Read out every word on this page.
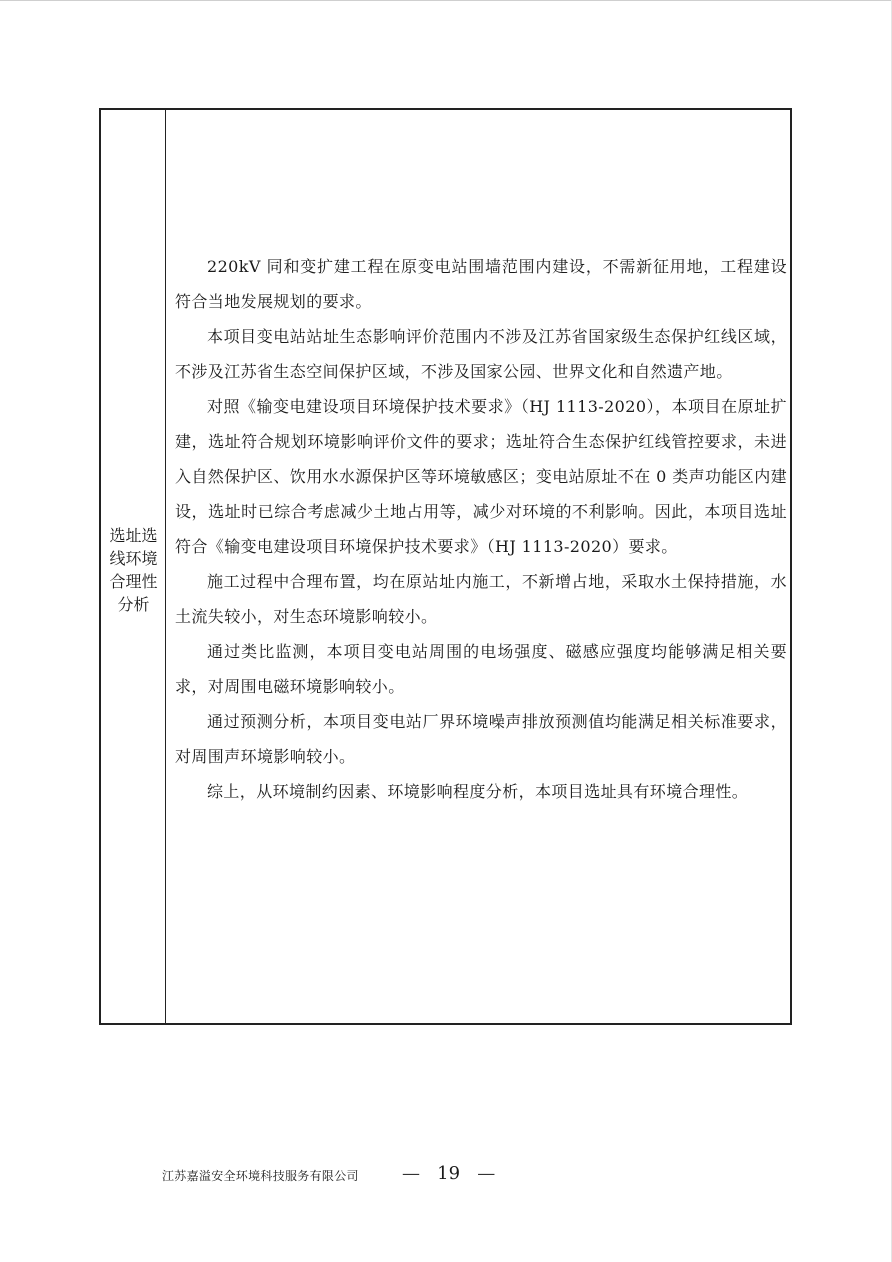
选址选线环境合理性分析

220kV 同和变扩建工程在原变电站围墙范围内建设，不需新征用地，工程建设符合当地发展规划的要求。

本项目变电站站址生态影响评价范围内不涉及江苏省国家级生态保护红线区域，不涉及江苏省生态空间保护区域，不涉及国家公园、世界文化和自然遗产地。

对照《输变电建设项目环境保护技术要求》（HJ 1113-2020），本项目在原址扩建，选址符合规划环境影响评价文件的要求；选址符合生态保护红线管控要求，未进入自然保护区、饮用水水源保护区等环境敏感区；变电站原址不在 0 类声功能区内建设，选址时已综合考虑减少土地占用等，减少对环境的不利影响。因此，本项目选址符合《输变电建设项目环境保护技术要求》（HJ 1113-2020）要求。

施工过程中合理布置，均在原站址内施工，不新增占地，采取水土保持措施，水土流失较小，对生态环境影响较小。

通过类比监测，本项目变电站周围的电场强度、磁感应强度均能够满足相关要求，对周围电磁环境影响较小。

通过预测分析，本项目变电站厂界环境噪声排放预测值均能满足相关标准要求，对周围声环境影响较小。

综上，从环境制约因素、环境影响程度分析，本项目选址具有环境合理性。

江苏嘉溢安全环境科技服务有限公司 — 19 —
